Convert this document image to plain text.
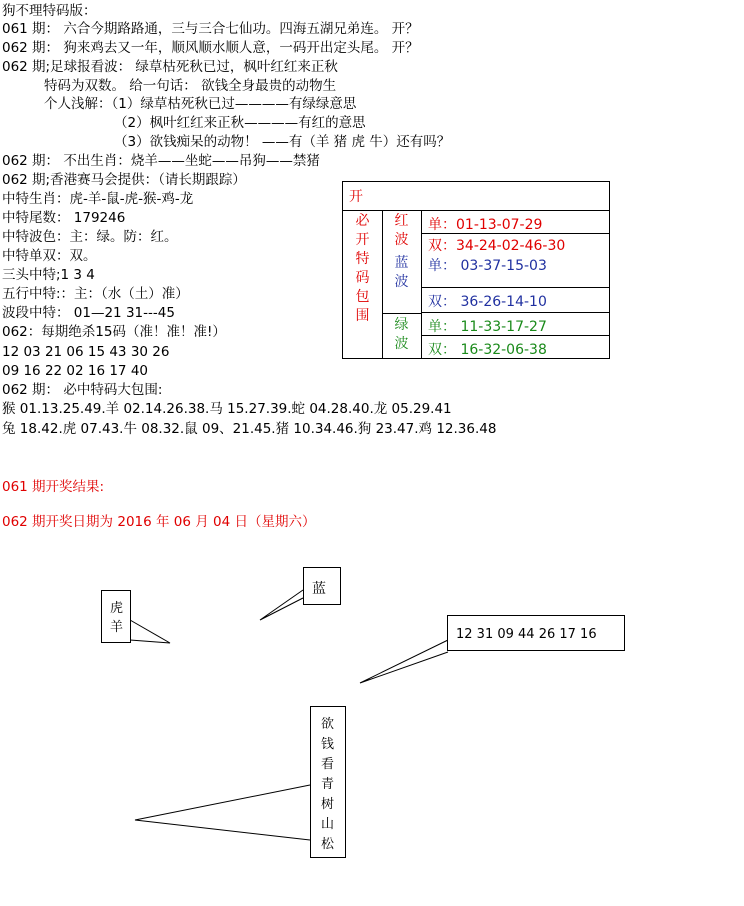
狗不理特码版：
061 期： 六合今期路路通，三与三合七仙功。四海五湖兄弟连。 开？
062 期： 狗来鸡去又一年，顺风顺水顺人意，一码开出定头尾。 开？
062 期;足球报看波： 绿草枯死秋已过，枫叶红红来正秋
特码为双数。 给一句话： 欲钱全身最贵的动物生
个人浅解：（1）绿草枯死秋已过————有绿绿意思
（2）枫叶红红来正秋————有红的意思
（3）欲钱痴呆的动物！ ——有（羊 猪 虎 牛）还有吗？
062 期： 不出生肖：烧羊——坐蛇——吊狗——禁猪
062 期;香港赛马会提供：（请长期跟踪）
中特生肖：虎-羊-鼠-虎-猴-鸡-龙
中特尾数： 179246
中特波色：主：绿。防：红。
中特单双：双。
三头中特;1 3 4
五行中特:：主：（水（土）准）
波段中特： 01—21 31---45
062：每期绝杀15码（准！准！准!）
12 03 21 06 15 43 30 26
09 16 22 02 16 17 40
062 期： 必中特码大包围:
猴 01.13.25.49.羊 02.14.26.38.马 15.27.39.蛇 04.28.40.龙 05.29.41
兔 18.42.虎 07.43.牛 08.32.鼠 09、21.45.猪 10.34.46.狗 23.47.鸡 12.36.48
061 期开奖结果:
062 期开奖日期为 2016 年 06 月 04 日（星期六）
开
必
开
特
码
包
围
红
波
蓝
波
绿
波
单：01-13-07-29
双：34-24-02-46-30
单： 03-37-15-03
双： 36-26-14-10
单： 11-33-17-27
双： 16-32-06-38
虎
羊
蓝
12 31 09 44 26 17 16
欲
钱
看
青
树
山
松
